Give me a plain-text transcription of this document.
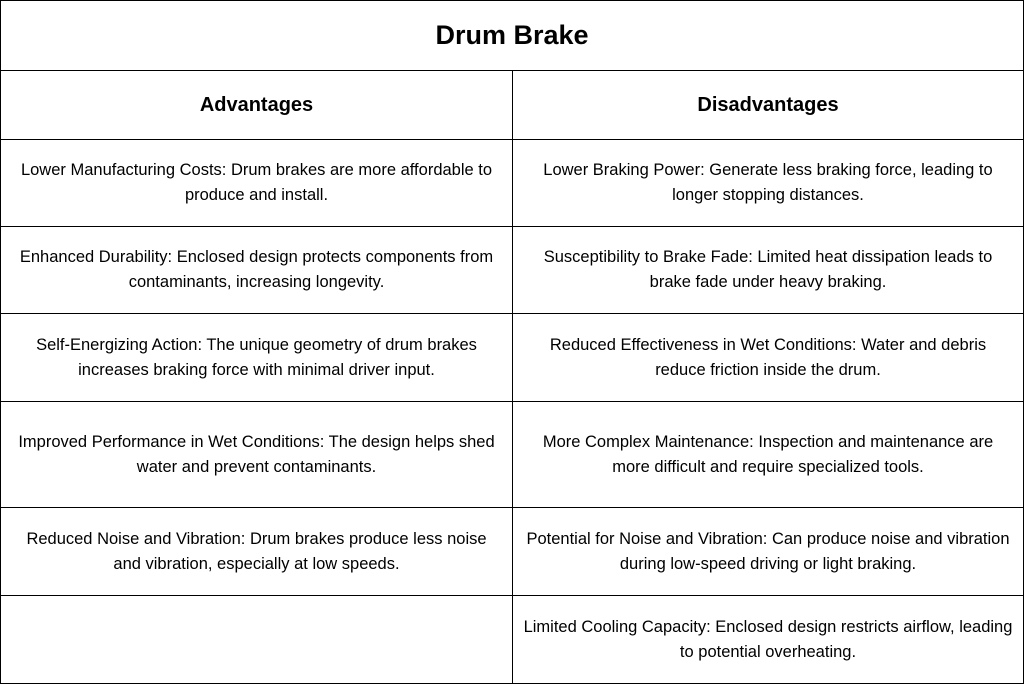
Drum Brake	
Advantages	Disadvantages
Lower Manufacturing Costs: Drum brakes are more affordable to produce and install.	Lower Braking Power: Generate less braking force, leading to longer stopping distances.
Enhanced Durability: Enclosed design protects components from contaminants, increasing longevity.	Susceptibility to Brake Fade: Limited heat dissipation leads to brake fade under heavy braking.
Self-Energizing Action: The unique geometry of drum brakes increases braking force with minimal driver input.	Reduced Effectiveness in Wet Conditions: Water and debris reduce friction inside the drum.
Improved Performance in Wet Conditions: The design helps shed water and prevent contaminants.	More Complex Maintenance: Inspection and maintenance are more difficult and require specialized tools.
Reduced Noise and Vibration: Drum brakes produce less noise and vibration, especially at low speeds.	Potential for Noise and Vibration: Can produce noise and vibration during low-speed driving or light braking.
	Limited Cooling Capacity: Enclosed design restricts airflow, leading to potential overheating.
